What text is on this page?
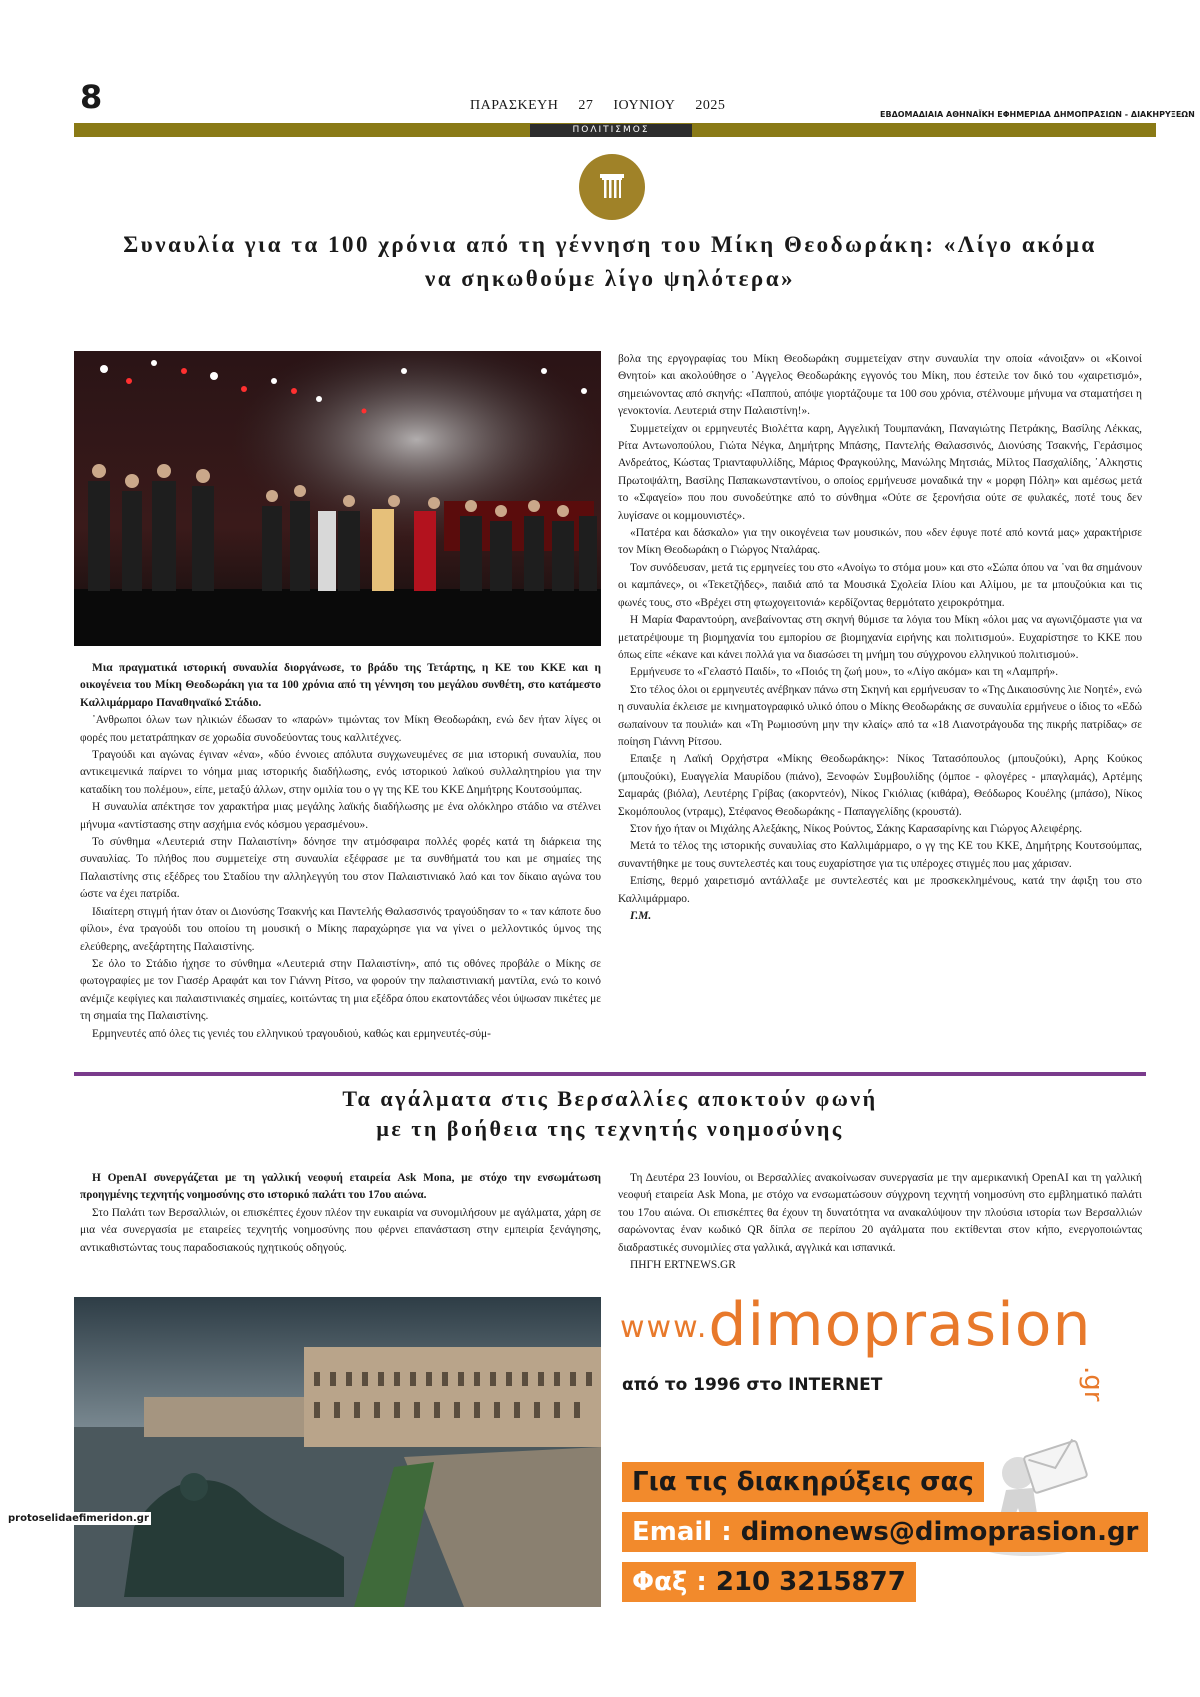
8	ΠΑΡΑΣΚΕΥΗ 27 ΙΟΥΝΙΟΥ 2025
ΕΒΔΟΜΑΔΙΑΙΑ ΑΘΗΝΑΪΚΗ ΕΦΗΜΕΡΙΔΑ ΔΗΜΟΠΡΑΣΙΩΝ - ΔΙΑΚΗΡΥΞΕΩΝ
ΠΟΛΙΤΙΣΜΟΣ
Συναυλία για τα 100 χρόνια από τη γέννηση του Μίκη Θεοδωράκη: «Λίγο ακόμα
να σηκωθούμε λίγο ψηλότερα»

Μια πραγματικά ιστορική συναυλία διοργάνωσε, το βράδυ της Τετάρτης, η ΚΕ του ΚΚΕ και η οικογένεια του Μίκη Θεοδωράκη για τα 100 χρόνια από τη γέννηση του μεγάλου συνθέτη, στο κατάμεστο Καλλιμάρμαρο Παναθηναϊκό Στάδιο.

᾽Ανθρωποι όλων των ηλικιών έδωσαν το «παρών» τιμώντας τον Μίκη Θεοδωράκη, ενώ δεν ήταν λίγες οι φορές που μετατράπηκαν σε χορωδία συνοδεύοντας τους καλλιτέχνες.

Τραγούδι και αγώνας έγιναν «ένα», «δύο έννοιες απόλυτα συγχωνευμένες σε μια ιστορική συναυλία, που αντικειμενικά παίρνει το νόημα μιας ιστορικής διαδήλωσης, ενός ιστορικού λαϊκού συλλαλητηρίου για την καταδίκη του πολέμου», είπε, μεταξύ άλλων, στην ομιλία του ο γγ της ΚΕ του ΚΚΕ Δημήτρης Κουτσούμπας.

Η συναυλία απέκτησε τον χαρακτήρα μιας μεγάλης λαϊκής διαδήλωσης με ένα ολόκληρο στάδιο να στέλνει μήνυμα «αντίστασης στην ασχήμια ενός κόσμου γερασμένου».

Το σύνθημα «Λευτεριά στην Παλαιστίνη» δόνησε την ατμόσφαιρα πολλές φορές κατά τη διάρκεια της συναυλίας. Το πλήθος που συμμετείχε στη συναυλία εξέφρασε με τα συνθήματά του και με σημαίες της Παλαιστίνης στις εξέδρες του Σταδίου την αλληλεγγύη του στον Παλαιστινιακό λαό και τον δίκαιο αγώνα του ώστε να έχει πατρίδα.

Ιδιαίτερη στιγμή ήταν όταν οι Διονύσης Τσακνής και Παντελής Θαλασσινός τραγούδησαν το « ταν κάποτε δυο φίλοι», ένα τραγούδι του οποίου τη μουσική ο Μίκης παραχώρησε για να γίνει ο μελλοντικός ύμνος της ελεύθερης, ανεξάρτητης Παλαιστίνης.

Σε όλο το Στάδιο ήχησε το σύνθημα «Λευτεριά στην Παλαιστίνη», από τις οθόνες προβάλε ο Μίκης σε φωτογραφίες με τον Γιασέρ Αραφάτ και τον Γιάννη Ρίτσο, να φορούν την παλαιστινιακή μαντίλα, ενώ το κοινό ανέμιζε κεφίγιες και παλαιστινιακές σημαίες, κοιτώντας τη μια εξέδρα όπου εκατοντάδες νέοι ύψωσαν πικέτες με τη σημαία της Παλαιστίνης.

Ερμηνευτές από όλες τις γενιές του ελληνικού τραγουδιού, καθώς και ερμηνευτές-σύμ-

βολα της εργογραφίας του Μίκη Θεοδωράκη συμμετείχαν στην συναυλία την οποία «άνοιξαν» οι «Κοινοί Θνητοί» και ακολούθησε ο ᾽Αγγελος Θεοδωράκης εγγονός του Μίκη, που έστειλε τον δικό του «χαιρετισμό», σημειώνοντας από σκηνής: «Παππού, απόψε γιορτάζουμε τα 100 σου χρόνια, στέλνουμε μήνυμα να σταματήσει η γενοκτονία. Λευτεριά στην Παλαιστίνη!».

Συμμετείχαν οι ερμηνευτές Βιολέττα καρη, Αγγελική Τουμπανάκη, Παναγιώτης Πετράκης, Βασίλης Λέκκας, Ρίτα Αντωνοπούλου, Γιώτα Νέγκα, Δημήτρης Μπάσης, Παντελής Θαλασσινός, Διονύσης Τσακνής, Γεράσιμος Ανδρεάτος, Κώστας Τριανταφυλλίδης, Μάριος Φραγκούλης, Μανώλης Μητσιάς, Μίλτος Πασχαλίδης, ᾽Αλκηστις Πρωτοψάλτη, Βασίλης Παπακωνσταντίνου, ο οποίος ερμήνευσε μοναδικά την « μορφη Πόλη» και αμέσως μετά το «Σφαγείο» που που συνοδεύτηκε από το σύνθημα «Ούτε σε ξερονήσια ούτε σε φυλακές, ποτέ τους δεν λυγίσανε οι κομμουνιστές».

«Πατέρα και δάσκαλο» για την οικογένεια των μουσικών, που «δεν έφυγε ποτέ από κοντά μας» χαρακτήρισε τον Μίκη Θεοδωράκη ο Γιώργος Νταλάρας.

Τον συνόδευσαν, μετά τις ερμηνείες του στο «Ανοίγω το στόμα μου» και στο «Σώπα όπου να ᾽ναι θα σημάνουν οι καμπάνες», οι «Τεκετζήδες», παιδιά από τα Μουσικά Σχολεία Ιλίου και Αλίμου, με τα μπουζούκια και τις φωνές τους, στο «Βρέχει στη φτωχογειτονιά» κερδίζοντας θερμότατο χειροκρότημα.

Η Μαρία Φαραντούρη, ανεβαίνοντας στη σκηνή θύμισε τα λόγια του Μίκη «όλοι μας να αγωνιζόμαστε για να μετατρέψουμε τη βιομηχανία του εμπορίου σε βιομηχανία ειρήνης και πολιτισμού». Ευχαρίστησε το ΚΚΕ που όπως είπε «έκανε και κάνει πολλά για να διασώσει τη μνήμη του σύγχρονου ελληνικού πολιτισμού».

Ερμήνευσε το «Γελαστό Παιδί», το «Ποιός τη ζωή μου», το «Λίγο ακόμα» και τη «Λαμπρή».

Στο τέλος όλοι οι ερμηνευτές ανέβηκαν πάνω στη Σκηνή και ερμήνευσαν το «Της Δικαιοσύνης λιε Νοητέ», ενώ η συναυλία έκλεισε με κινηματογραφικό υλικό όπου ο Μίκης Θεοδωράκης σε συναυλία ερμήνευε ο ίδιος το «Εδώ σωπαίνουν τα πουλιά» και «Τη Ρωμιοσύνη μην την κλαίς» από τα «18 Λιανοτράγουδα της πικρής πατρίδας» σε ποίηση Γιάννη Ρίτσου.

Επαιξε η Λαϊκή Ορχήστρα «Μίκης Θεοδωράκης»: Νίκος Τατασόπουλος (μπουζούκι), Αρης Κούκος (μπουζούκι), Ευαγγελία Μαυρίδου (πιάνο), Ξενοφών Συμβουλίδης (όμποε - φλογέρες - μπαγλαμάς), Αρτέμης Σαμαράς (βιόλα), Λευτέρης Γρίβας (ακορντεόν), Νίκος Γκιόλιας (κιθάρα), Θεόδωρος Κουέλης (μπάσο), Νίκος Σκομόπουλος (ντραμς), Στέφανος Θεοδωράκης - Παπαγγελίδης (κρουστά).

Στον ήχο ήταν οι Μιχάλης Αλεξάκης, Νίκος Ρούντος, Σάκης Καρασαρίνης και Γιώργος Αλειφέρης.

Μετά το τέλος της ιστορικής συναυλίας στο Καλλιμάρμαρο, ο γγ της ΚΕ του ΚΚΕ, Δημήτρης Κουτσούμπας, συναντήθηκε με τους συντελεστές και τους ευχαρίστησε για τις υπέροχες στιγμές που μας χάρισαν.

Επίσης, θερμό χαιρετισμό αντάλλαξε με συντελεστές και με προσκεκλημένους, κατά την άφιξη του στο Καλλιμάρμαρο.

Γ.Μ.

Τα αγάλματα στις Βερσαλλίες αποκτούν φωνή
με τη βοήθεια της τεχνητής νοημοσύνης

Η OpenAI συνεργάζεται με τη γαλλική νεοφυή εταιρεία Ask Mona, με στόχο την ενσωμάτωση προηγμένης τεχνητής νοημοσύνης στο ιστορικό παλάτι του 17ου αιώνα.

Στο Παλάτι των Βερσαλλιών, οι επισκέπτες έχουν πλέον την ευκαιρία να συνομιλήσουν με αγάλματα, χάρη σε μια νέα συνεργασία με εταιρείες τεχνητής νοημοσύνης που φέρνει επανάσταση στην εμπειρία ξενάγησης, αντικαθιστώντας τους παραδοσιακούς ηχητικούς οδηγούς.

Τη Δευτέρα 23 Ιουνίου, οι Βερσαλλίες ανακοίνωσαν συνεργασία με την αμερικανική OpenAI και τη γαλλική νεοφυή εταιρεία Ask Mona, με στόχο να ενσωματώσουν σύγχρονη τεχνητή νοημοσύνη στο εμβληματικό παλάτι του 17ου αιώνα. Οι επισκέπτες θα έχουν τη δυνατότητα να ανακαλύψουν την πλούσια ιστορία των Βερσαλλιών σαρώνοντας έναν κωδικό QR δίπλα σε περίπου 20 αγάλματα που εκτίθενται στον κήπο, ενεργοποιώντας διαδραστικές συνομιλίες στα γαλλικά, αγγλικά και ισπανικά.

ΠΗΓΗ ERTNEWS.GR

www.dimoprasion
.gr
από το 1996 στο INTERNET
Για τις διακηρύξεις σας
Email : dimonews@dimoprasion.gr
Φαξ : 210 3215877
protoselidaefimeridon.gr
